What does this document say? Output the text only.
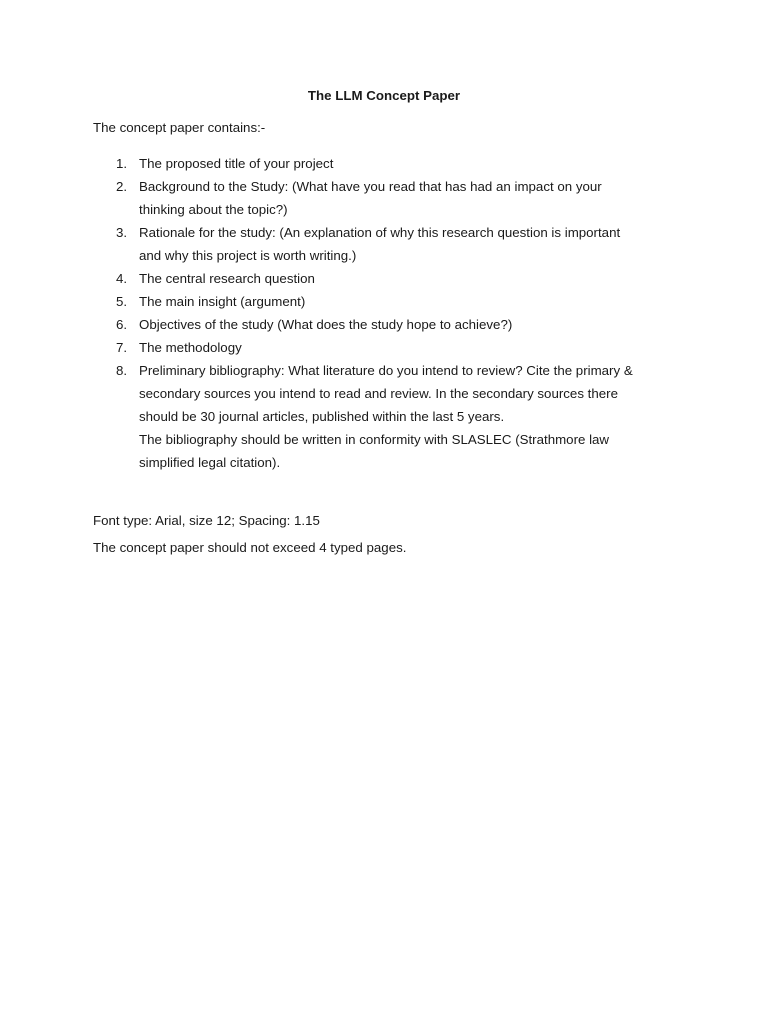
The LLM Concept Paper
The concept paper contains:-
1. The proposed title of your project
2. Background to the Study: (What have you read that has had an impact on your
thinking about the topic?)
3. Rationale for the study: (An explanation of why this research question is important
and why this project is worth writing.)
4. The central research question
5. The main insight (argument)
6. Objectives of the study (What does the study hope to achieve?)
7. The methodology
8. Preliminary bibliography: What literature do you intend to review? Cite the primary &
secondary sources you intend to read and review. In the secondary sources there
should be 30 journal articles, published within the last 5 years.
The bibliography should be written in conformity with SLASLEC (Strathmore law
simplified legal citation).
Font type: Arial, size 12; Spacing: 1.15
The concept paper should not exceed 4 typed pages.
